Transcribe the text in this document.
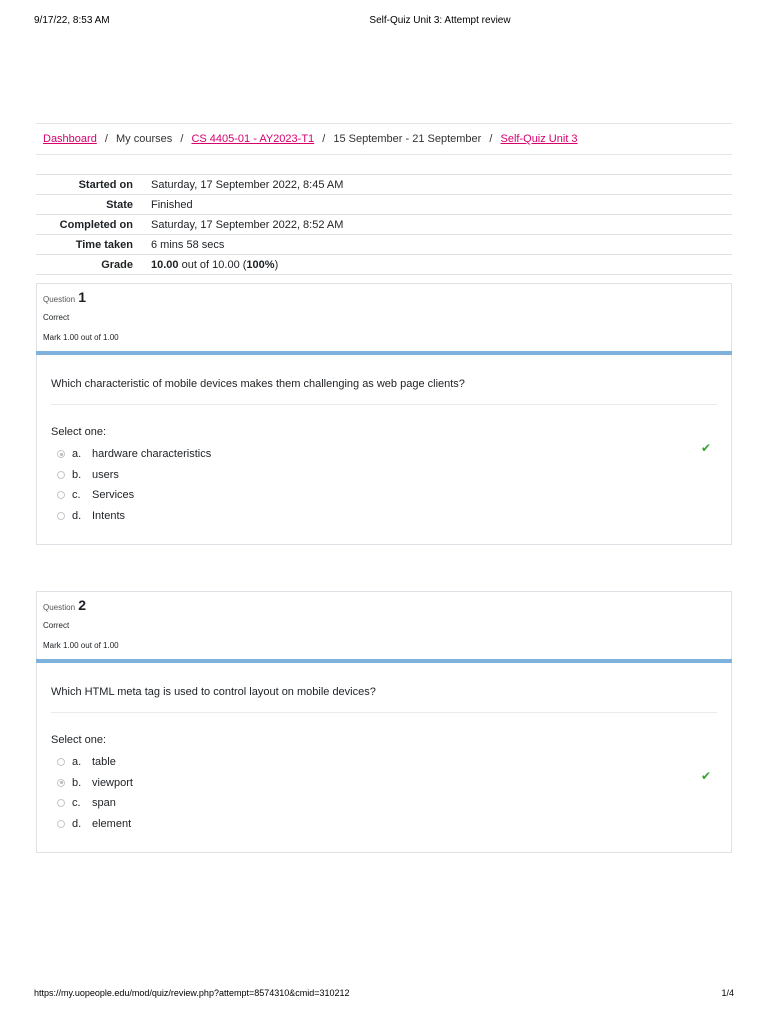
9/17/22, 8:53 AM	Self-Quiz Unit 3: Attempt review
Dashboard / My courses / CS 4405-01 - AY2023-T1 / 15 September - 21 September / Self-Quiz Unit 3
Started on	Saturday, 17 September 2022, 8:45 AM
State	Finished
Completed on	Saturday, 17 September 2022, 8:52 AM
Time taken	6 mins 58 secs
Grade	10.00 out of 10.00 (100%)
Question 1
Correct
Mark 1.00 out of 1.00
Which characteristic of mobile devices makes them challenging as web page clients?
Select one:
a. hardware characteristics
b. users
c.	Services
d. Intents
✔
Question 2
Correct
Mark 1.00 out of 1.00
Which HTML meta tag is used to control layout on mobile devices?
Select one:
a. table
b. viewport
c.	span
d. element
✔
https://my.uopeople.edu/mod/quiz/review.php?attempt=8574310&cmid=310212	1/4
